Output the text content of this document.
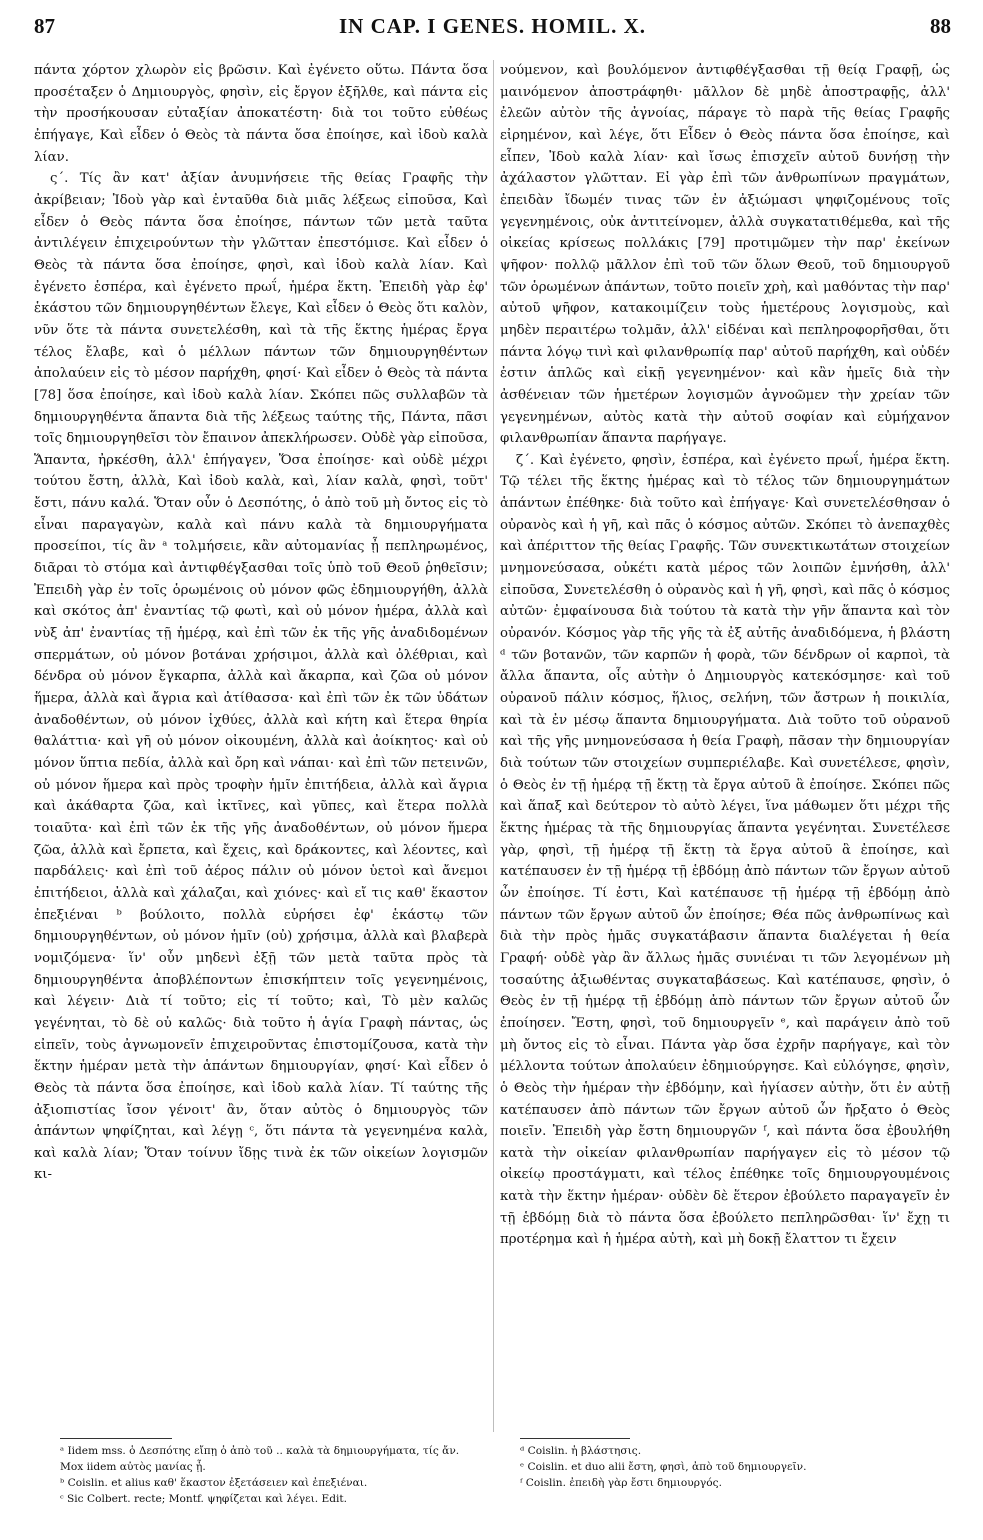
87	IN CAP. I GENES. HOMIL. X.	88

πάντα χόρτον χλωρὸν εἰς βρῶσιν. Καὶ ἐγένετο οὕτω. Πάντα ὅσα προσέταξεν ὁ Δημιουργὸς, φησὶν, εἰς ἔργον ἐξῆλθε, καὶ πάντα εἰς τὴν προσήκουσαν εὐταξίαν ἀποκατέστη· διὰ τοι τοῦτο εὐθέως ἐπήγαγε, Καὶ εἶδεν ὁ Θεὸς τὰ πάντα ὅσα ἐποίησε, καὶ ἰδοὺ καλὰ λίαν.

ς΄. Τίς ἂν κατ' ἀξίαν ἀνυμνήσειε τῆς θείας Γραφῆς τὴν ἀκρίβειαν; Ἰδοὺ γὰρ καὶ ἐνταῦθα διὰ μιᾶς λέξεως εἰποῦσα, Καὶ εἶδεν ὁ Θεὸς πάντα ὅσα ἐποίησε, πάντων τῶν μετὰ ταῦτα ἀντιλέγειν ἐπιχειρούντων τὴν γλῶτταν ἐπεστόμισε. Καὶ εἶδεν ὁ Θεὸς τὰ πάντα ὅσα ἐποίησε, φησὶ, καὶ ἰδοὺ καλὰ λίαν. Καὶ ἐγένετο ἑσπέρα, καὶ ἐγένετο πρωΐ, ἡμέρα ἕκτη. Ἐπειδὴ γὰρ ἐφ' ἑκάστου τῶν δημιουργηθέντων ἔλεγε, Καὶ εἶδεν ὁ Θεὸς ὅτι καλὸν, νῦν ὅτε τὰ πάντα συνετελέσθη, καὶ τὰ τῆς ἕκτης ἡμέρας ἔργα τέλος ἔλαβε, καὶ ὁ μέλλων πάντων τῶν δημιουργηθέντων ἀπολαύειν εἰς τὸ μέσον παρήχθη, φησί· Καὶ εἶδεν ὁ Θεὸς τὰ πάντα [78] ὅσα ἐποίησε, καὶ ἰδοὺ καλὰ λίαν. Σκόπει πῶς συλλαβῶν τὰ δημιουργηθέντα ἅπαντα διὰ τῆς λέξεως ταύτης τῆς, Πάντα, πᾶσι τοῖς δημιουργηθεῖσι τὸν ἔπαινον ἀπεκλήρωσεν. Οὐδὲ γὰρ εἰποῦσα, Ἅπαντα, ἠρκέσθη, ἀλλ' ἐπήγαγεν, Ὅσα ἐποίησε· καὶ οὐδὲ μέχρι τούτου ἔστη, ἀλλὰ, Καὶ ἰδοὺ καλὰ, καὶ, λίαν καλὰ, φησὶ, τοῦτ' ἔστι, πάνυ καλά. Ὅταν οὖν ὁ Δεσπότης, ὁ ἀπὸ τοῦ μὴ ὄντος εἰς τὸ εἶναι παραγαγὼν, καλὰ καὶ πάνυ καλὰ τὰ δημιουργήματα προσείποι, τίς ἂν ᵃ τολμήσειε, κἂν αὐτομανίας ᾖ πεπληρωμένος, διᾶραι τὸ στόμα καὶ ἀντιφθέγξασθαι τοῖς ὑπὸ τοῦ Θεοῦ ῥηθεῖσιν; Ἐπειδὴ γὰρ ἐν τοῖς ὁρωμένοις οὐ μόνον φῶς ἐδημιουργήθη, ἀλλὰ καὶ σκότος ἀπ' ἐναντίας τῷ φωτὶ, καὶ οὐ μόνον ἡμέρα, ἀλλὰ καὶ νὺξ ἀπ' ἐναντίας τῇ ἡμέρᾳ, καὶ ἐπὶ τῶν ἐκ τῆς γῆς ἀναδιδομένων σπερμάτων, οὐ μόνον βοτάναι χρήσιμοι, ἀλλὰ καὶ ὀλέθριαι, καὶ δένδρα οὐ μόνον ἔγκαρπα, ἀλλὰ καὶ ἄκαρπα, καὶ ζῶα οὐ μόνον ἥμερα, ἀλλὰ καὶ ἄγρια καὶ ἀτίθασσα· καὶ ἐπὶ τῶν ἐκ τῶν ὑδάτων ἀναδοθέντων, οὐ μόνον ἰχθύες, ἀλλὰ καὶ κήτη καὶ ἕτερα θηρία θαλάττια· καὶ γῆ οὐ μόνον οἰκουμένη, ἀλλὰ καὶ ἀοίκητος· καὶ οὐ μόνον ὕπτια πεδία, ἀλλὰ καὶ ὄρη καὶ νάπαι· καὶ ἐπὶ τῶν πετεινῶν, οὐ μόνον ἥμερα καὶ πρὸς τροφὴν ἡμῖν ἐπιτήδεια, ἀλλὰ καὶ ἄγρια καὶ ἀκάθαρτα ζῶα, καὶ ἰκτῖνες, καὶ γῦπες, καὶ ἕτερα πολλὰ τοιαῦτα· καὶ ἐπὶ τῶν ἐκ τῆς γῆς ἀναδοθέντων, οὐ μόνον ἥμερα ζῶα, ἀλλὰ καὶ ἔρπετα, καὶ ἔχεις, καὶ δράκοντες, καὶ λέοντες, καὶ παρδάλεις· καὶ ἐπὶ τοῦ ἀέρος πάλιν οὐ μόνον ὑετοὶ καὶ ἄνεμοι ἐπιτήδειοι, ἀλλὰ καὶ χάλαζαι, καὶ χιόνες· καὶ εἴ τις καθ' ἕκαστον ἐπεξιέναι ᵇ βούλοιτο, πολλὰ εὑρήσει ἐφ' ἑκάστῳ τῶν δημιουργηθέντων, οὐ μόνον ἡμῖν (οὐ) χρήσιμα, ἀλλὰ καὶ βλαβερὰ νομιζόμενα· ἵν' οὖν μηδενὶ ἐξῇ τῶν μετὰ ταῦτα πρὸς τὰ δημιουργηθέντα ἀποβλέποντων ἐπισκήπτειν τοῖς γεγενημένοις, καὶ λέγειν· Διὰ τί τοῦτο; εἰς τί τοῦτο; καὶ, Τὸ μὲν καλῶς γεγένηται, τὸ δὲ οὐ καλῶς· διὰ τοῦτο ἡ ἁγία Γραφὴ πάντας, ὡς εἰπεῖν, τοὺς ἀγνωμονεῖν ἐπιχειροῦντας ἐπιστομίζουσα, κατὰ τὴν ἕκτην ἡμέραν μετὰ τὴν ἁπάντων δημιουργίαν, φησί· Καὶ εἶδεν ὁ Θεὸς τὰ πάντα ὅσα ἐποίησε, καὶ ἰδοὺ καλὰ λίαν. Τί ταύτης τῆς ἀξιοπιστίας ἴσον γένοιτ' ἂν, ὅταν αὐτὸς ὁ δημιουργὸς τῶν ἁπάντων ψηφίζηται, καὶ λέγῃ ᶜ, ὅτι πάντα τὰ γεγενημένα καλὰ, καὶ καλὰ λίαν; Ὅταν τοίνυν ἴδῃς τινὰ ἐκ τῶν οἰκείων λογισμῶν κι-

νούμενον, καὶ βουλόμενον ἀντιφθέγξασθαι τῇ θείᾳ Γραφῇ, ὡς μαινόμενον ἀποστράφηθι· μᾶλλον δὲ μηδὲ ἀποστραφῇς, ἀλλ' ἐλεῶν αὐτὸν τῆς ἀγνοίας, πάραγε τὸ παρὰ τῆς θείας Γραφῆς εἰρημένον, καὶ λέγε, ὅτι Εἶδεν ὁ Θεὸς πάντα ὅσα ἐποίησε, καὶ εἶπεν, Ἰδοὺ καλὰ λίαν· καὶ ἴσως ἐπισχεῖν αὐτοῦ δυνήσῃ τὴν ἀχάλαστον γλῶτταν. Εἰ γὰρ ἐπὶ τῶν ἀνθρωπίνων πραγμάτων, ἐπειδὰν ἴδωμέν τινας τῶν ἐν ἀξιώμασι ψηφιζομένους τοῖς γεγενημένοις, οὐκ ἀντιτείνομεν, ἀλλὰ συγκατατιθέμεθα, καὶ τῆς οἰκείας κρίσεως πολλάκις [79] προτιμῶμεν τὴν παρ' ἐκείνων ψῆφον· πολλῷ μᾶλλον ἐπὶ τοῦ τῶν ὅλων Θεοῦ, τοῦ δημιουργοῦ τῶν ὁρωμένων ἁπάντων, τοῦτο ποιεῖν χρὴ, καὶ μαθόντας τὴν παρ' αὐτοῦ ψῆφον, κατακοιμίζειν τοὺς ἡμετέρους λογισμοὺς, καὶ μηδὲν περαιτέρω τολμᾶν, ἀλλ' εἰδέναι καὶ πεπληροφορῆσθαι, ὅτι πάντα λόγῳ τινὶ καὶ φιλανθρωπίᾳ παρ' αὐτοῦ παρήχθη, καὶ οὐδέν ἐστιν ἁπλῶς καὶ εἰκῇ γεγενημένον· καὶ κἂν ἡμεῖς διὰ τὴν ἀσθένειαν τῶν ἡμετέρων λογισμῶν ἀγνοῶμεν τὴν χρείαν τῶν γεγενημένων, αὐτὸς κατὰ τὴν αὐτοῦ σοφίαν καὶ εὐμήχανον φιλανθρωπίαν ἅπαντα παρήγαγε.

ζ΄. Καὶ ἐγένετο, φησὶν, ἑσπέρα, καὶ ἐγένετο πρωΐ, ἡμέρα ἕκτη. Τῷ τέλει τῆς ἕκτης ἡμέρας καὶ τὸ τέλος τῶν δημιουργημάτων ἁπάντων ἐπέθηκε· διὰ τοῦτο καὶ ἐπήγαγε· Καὶ συνετελέσθησαν ὁ οὐρανὸς καὶ ἡ γῆ, καὶ πᾶς ὁ κόσμος αὐτῶν. Σκόπει τὸ ἀνεπαχθὲς καὶ ἀπέριττον τῆς θείας Γραφῆς. Τῶν συνεκτικωτάτων στοιχείων μνημονεύσασα, οὐκέτι κατὰ μέρος τῶν λοιπῶν ἐμνήσθη, ἀλλ' εἰποῦσα, Συνετελέσθη ὁ οὐρανὸς καὶ ἡ γῆ, φησὶ, καὶ πᾶς ὁ κόσμος αὐτῶν· ἐμφαίνουσα διὰ τούτου τὰ κατὰ τὴν γῆν ἅπαντα καὶ τὸν οὐρανόν. Κόσμος γὰρ τῆς γῆς τὰ ἐξ αὐτῆς ἀναδιδόμενα, ἡ βλάστη ᵈ τῶν βοτανῶν, τῶν καρπῶν ἡ φορὰ, τῶν δένδρων οἱ καρποὶ, τὰ ἄλλα ἅπαντα, οἷς αὐτὴν ὁ Δημιουργὸς κατεκόσμησε· καὶ τοῦ οὐρανοῦ πάλιν κόσμος, ἥλιος, σελήνη, τῶν ἄστρων ἡ ποικιλία, καὶ τὰ ἐν μέσῳ ἅπαντα δημιουργήματα. Διὰ τοῦτο τοῦ οὐρανοῦ καὶ τῆς γῆς μνημονεύσασα ἡ θεία Γραφὴ, πᾶσαν τὴν δημιουργίαν διὰ τούτων τῶν στοιχείων συμπεριέλαβε. Καὶ συνετέλεσε, φησὶν, ὁ Θεὸς ἐν τῇ ἡμέρᾳ τῇ ἕκτῃ τὰ ἔργα αὐτοῦ ἃ ἐποίησε. Σκόπει πῶς καὶ ἅπαξ καὶ δεύτερον τὸ αὐτὸ λέγει, ἵνα μάθωμεν ὅτι μέχρι τῆς ἕκτης ἡμέρας τὰ τῆς δημιουργίας ἅπαντα γεγένηται. Συνετέλεσε γὰρ, φησὶ, τῇ ἡμέρᾳ τῇ ἕκτῃ τὰ ἔργα αὐτοῦ ἃ ἐποίησε, καὶ κατέπαυσεν ἐν τῇ ἡμέρᾳ τῇ ἑβδόμῃ ἀπὸ πάντων τῶν ἔργων αὐτοῦ ὧν ἐποίησε. Τί ἐστι, Καὶ κατέπαυσε τῇ ἡμέρᾳ τῇ ἑβδόμῃ ἀπὸ πάντων τῶν ἔργων αὐτοῦ ὧν ἐποίησε; Θέα πῶς ἀνθρωπίνως καὶ διὰ τὴν πρὸς ἡμᾶς συγκατάβασιν ἅπαντα διαλέγεται ἡ θεία Γραφή· οὐδὲ γὰρ ἂν ἄλλως ἡμᾶς συνιέναι τι τῶν λεγομένων μὴ τοσαύτης ἀξιωθέντας συγκαταβάσεως. Καὶ κατέπαυσε, φησὶν, ὁ Θεὸς ἐν τῇ ἡμέρᾳ τῇ ἑβδόμῃ ἀπὸ πάντων τῶν ἔργων αὐτοῦ ὧν ἐποίησεν. Ἔστη, φησὶ, τοῦ δημιουργεῖν ᵉ, καὶ παράγειν ἀπὸ τοῦ μὴ ὄντος εἰς τὸ εἶναι. Πάντα γὰρ ὅσα ἐχρῆν παρήγαγε, καὶ τὸν μέλλοντα τούτων ἀπολαύειν ἐδημιούργησε. Καὶ εὐλόγησε, φησὶν, ὁ Θεὸς τὴν ἡμέραν τὴν ἑβδόμην, καὶ ἡγίασεν αὐτὴν, ὅτι ἐν αὐτῇ κατέπαυσεν ἀπὸ πάντων τῶν ἔργων αὐτοῦ ὧν ἤρξατο ὁ Θεὸς ποιεῖν. Ἐπειδὴ γὰρ ἔστη δημιουργῶν ᶠ, καὶ πάντα ὅσα ἐβουλήθη κατὰ τὴν οἰκείαν φιλανθρωπίαν παρήγαγεν εἰς τὸ μέσον τῷ οἰκείῳ προστάγματι, καὶ τέλος ἐπέθηκε τοῖς δημιουργουμένοις κατὰ τὴν ἕκτην ἡμέραν· οὐδὲν δὲ ἕτερον ἐβούλετο παραγαγεῖν ἐν τῇ ἑβδόμῃ διὰ τὸ πάντα ὅσα ἐβούλετο πεπληρῶσθαι· ἵν' ἔχῃ τι προτέρημα καὶ ἡ ἡμέρα αὐτὴ, καὶ μὴ δοκῇ ἔλαττον τι ἔχειν

ᵃ Iidem mss. ὁ Δεσπότης εἴπῃ ὁ ἀπὸ τοῦ .. καλὰ τὰ δημιουργήματα, τίς ἄν. Mox iidem αὐτὸς μανίας ᾖ.

ᵇ Coislin. et alius καθ' ἕκαστον ἐξετάσειεν καὶ ἐπεξιέναι.

ᶜ Sic Colbert. recte; Montf. ψηφίζεται καὶ λέγει. Edit.

ᵈ Coislin. ἡ βλάστησις.

ᵉ Coislin. et duo alii ἔστη, φησὶ, ἀπὸ τοῦ δημιουργεῖν.

ᶠ Coislin. ἐπειδὴ γὰρ ἔστι δημιουργός.
